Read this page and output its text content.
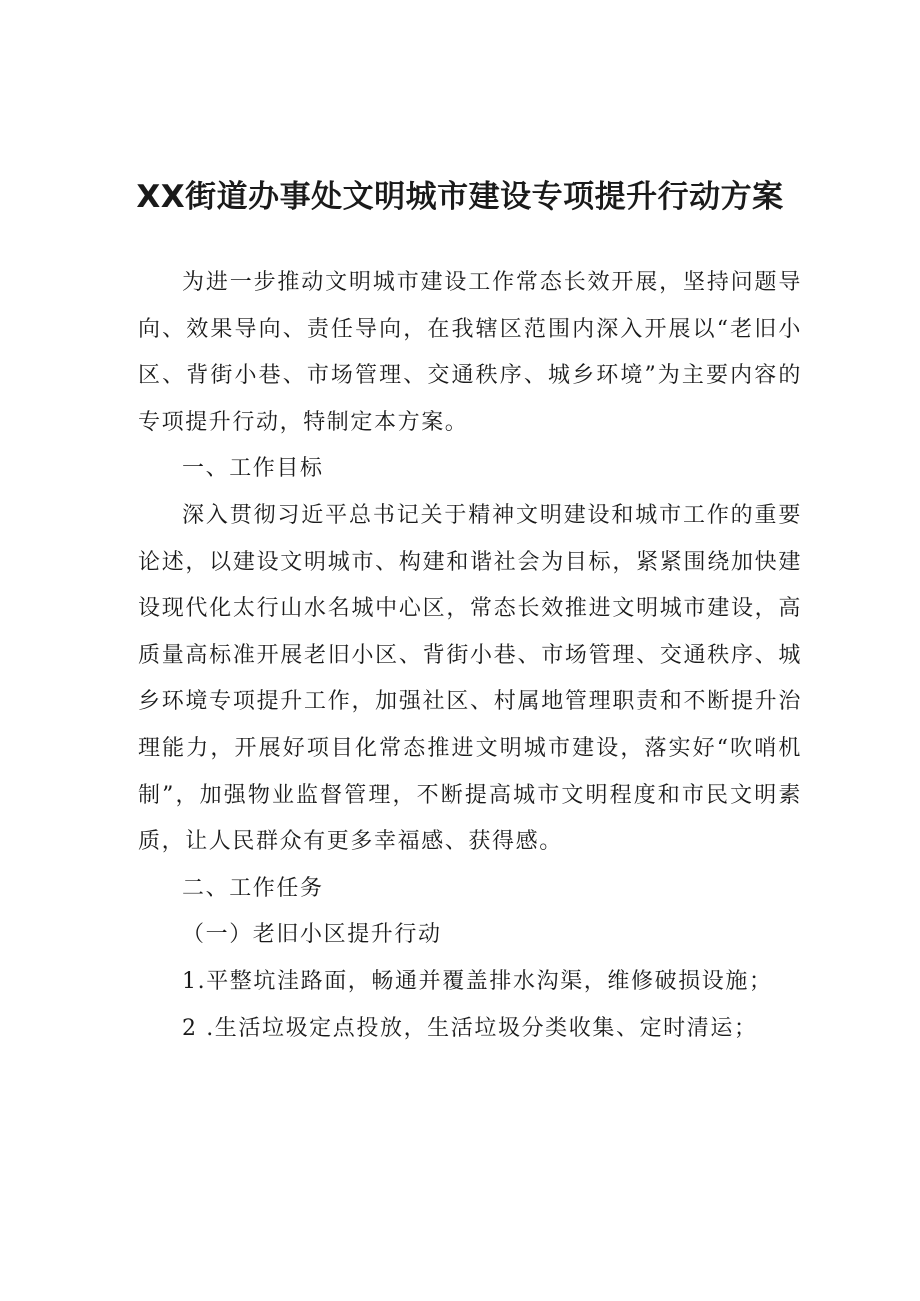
XX街道办事处文明城市建设专项提升行动方案

为进一步推动文明城市建设工作常态长效开展，坚持问题导向、效果导向、责任导向，在我辖区范围内深入开展以“老旧小区、背街小巷、市场管理、交通秩序、城乡环境”为主要内容的专项提升行动，特制定本方案。

一、工作目标

深入贯彻习近平总书记关于精神文明建设和城市工作的重要论述，以建设文明城市、构建和谐社会为目标，紧紧围绕加快建设现代化太行山水名城中心区，常态长效推进文明城市建设，高质量高标准开展老旧小区、背街小巷、市场管理、交通秩序、城乡环境专项提升工作，加强社区、村属地管理职责和不断提升治理能力，开展好项目化常态推进文明城市建设，落实好“吹哨机制”，加强物业监督管理，不断提高城市文明程度和市民文明素质，让人民群众有更多幸福感、获得感。

二、工作任务

（一）老旧小区提升行动

1.平整坑洼路面，畅通并覆盖排水沟渠，维修破损设施；

2 .生活垃圾定点投放，生活垃圾分类收集、定时清运；
